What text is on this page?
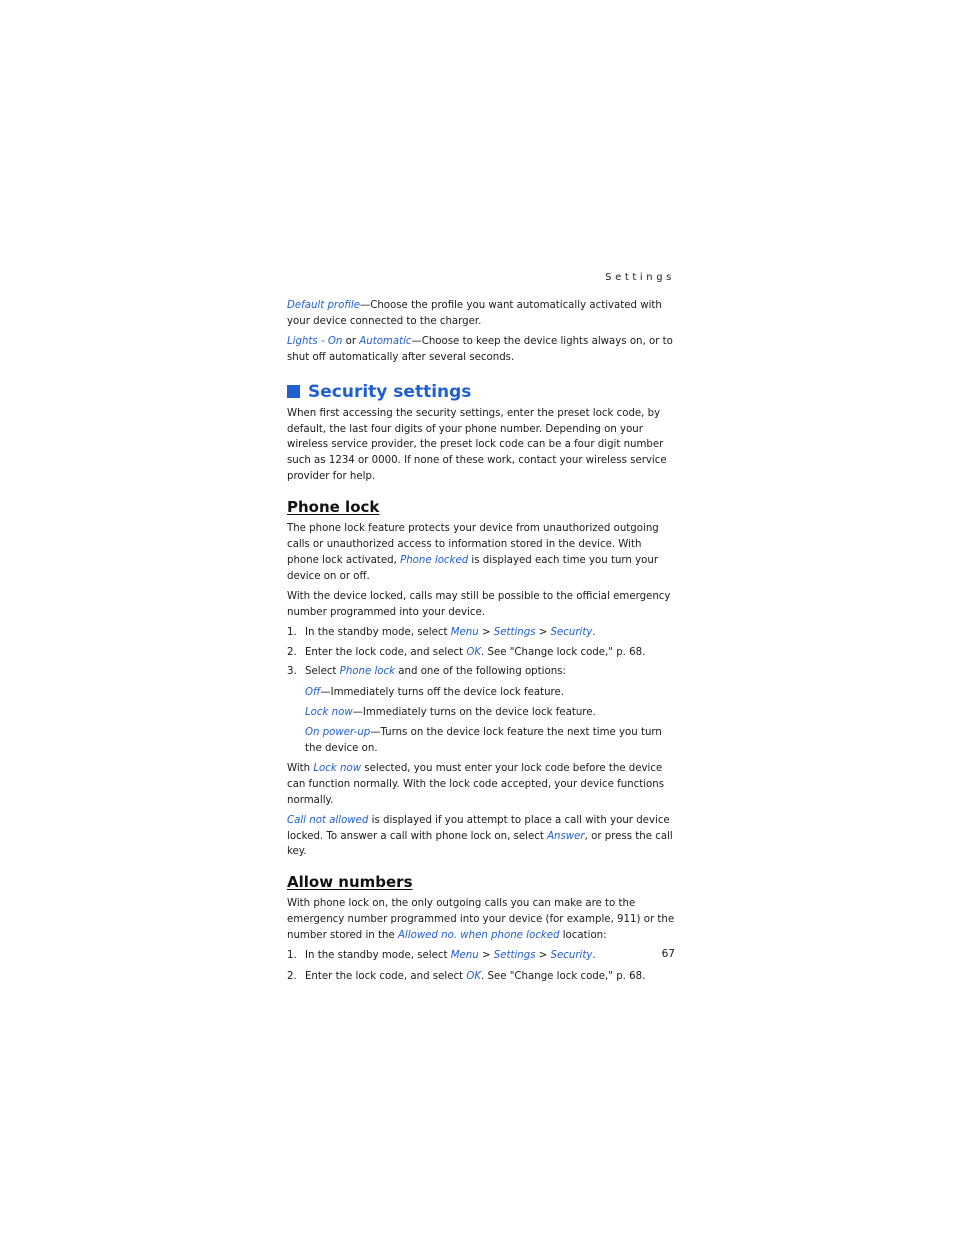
Settings

Default profile—Choose the profile you want automatically activated with your device connected to the charger.

Lights - On or Automatic—Choose to keep the device lights always on, or to shut off automatically after several seconds.

Security settings

When first accessing the security settings, enter the preset lock code, by default, the last four digits of your phone number. Depending on your wireless service provider, the preset lock code can be a four digit number such as 1234 or 0000. If none of these work, contact your wireless service provider for help.

Phone lock

The phone lock feature protects your device from unauthorized outgoing calls or unauthorized access to information stored in the device. With phone lock activated, Phone locked is displayed each time you turn your device on or off.

With the device locked, calls may still be possible to the official emergency number programmed into your device.

1. In the standby mode, select Menu > Settings > Security.
2. Enter the lock code, and select OK. See "Change lock code," p. 68.
3. Select Phone lock and one of the following options:

Off—Immediately turns off the device lock feature.

Lock now—Immediately turns on the device lock feature.

On power-up—Turns on the device lock feature the next time you turn the device on.

With Lock now selected, you must enter your lock code before the device can function normally. With the lock code accepted, your device functions normally.

Call not allowed is displayed if you attempt to place a call with your device locked. To answer a call with phone lock on, select Answer, or press the call key.

Allow numbers

With phone lock on, the only outgoing calls you can make are to the emergency number programmed into your device (for example, 911) or the number stored in the Allowed no. when phone locked location:

1. In the standby mode, select Menu > Settings > Security.
2. Enter the lock code, and select OK. See "Change lock code," p. 68.
67
